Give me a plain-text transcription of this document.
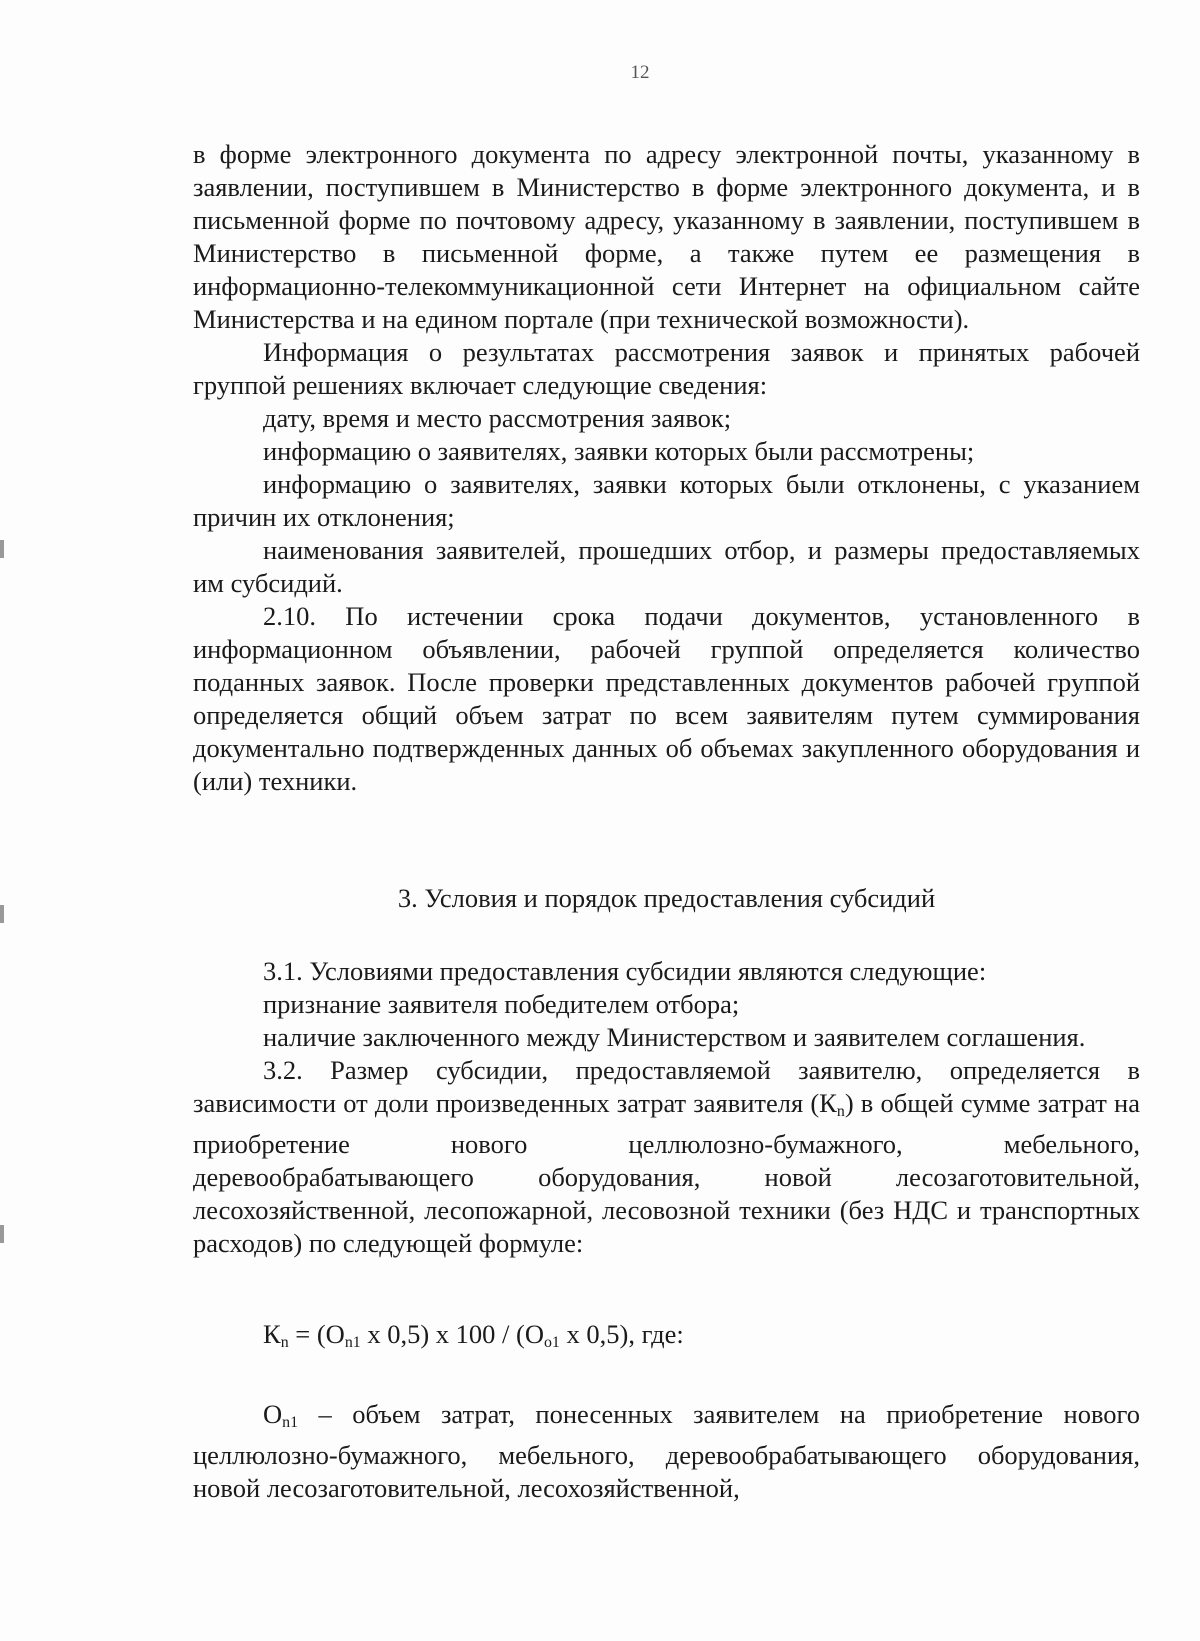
12

в форме электронного документа по адресу электронной почты, указанному в заявлении, поступившем в Министерство в форме электронного документа, и в письменной форме по почтовому адресу, указанному в заявлении, поступившем в Министерство в письменной форме, а также путем ее размещения в информационно-телекоммуникационной сети Интернет на официальном сайте Министерства и на едином портале (при технической возможности).

Информация о результатах рассмотрения заявок и принятых рабочей группой решениях включает следующие сведения:

дату, время и место рассмотрения заявок;

информацию о заявителях, заявки которых были рассмотрены;

информацию о заявителях, заявки которых были отклонены, с указанием причин их отклонения;

наименования заявителей, прошедших отбор, и размеры предоставляемых им субсидий.

2.10. По истечении срока подачи документов, установленного в информационном объявлении, рабочей группой определяется количество поданных заявок. После проверки представленных документов рабочей группой определяется общий объем затрат по всем заявителям путем суммирования документально подтвержденных данных об объемах закупленного оборудования и (или) техники.

3. Условия и порядок предоставления субсидий

3.1. Условиями предоставления субсидии являются следующие:

признание заявителя победителем отбора;

наличие заключенного между Министерством и заявителем соглашения.

3.2. Размер субсидии, предоставляемой заявителю, определяется в зависимости от доли произведенных затрат заявителя $(К_n)$ в общей сумме затрат на приобретение нового целлюлозно-бумажного, мебельного, деревообрабатывающего оборудования, новой лесозаготовительной, лесохозяйственной, лесопожарной, лесовозной техники (без НДС и транспортных расходов) по следующей формуле:

$К_n = (О_{n1}$ х 0,5) х $100 / (О_{o1}$ х 0,5), где:

$О_{n1}$ – объем затрат, понесенных заявителем на приобретение нового целлюлозно-бумажного, мебельного, деревообрабатывающего оборудования, новой лесозаготовительной, лесохозяйственной,
